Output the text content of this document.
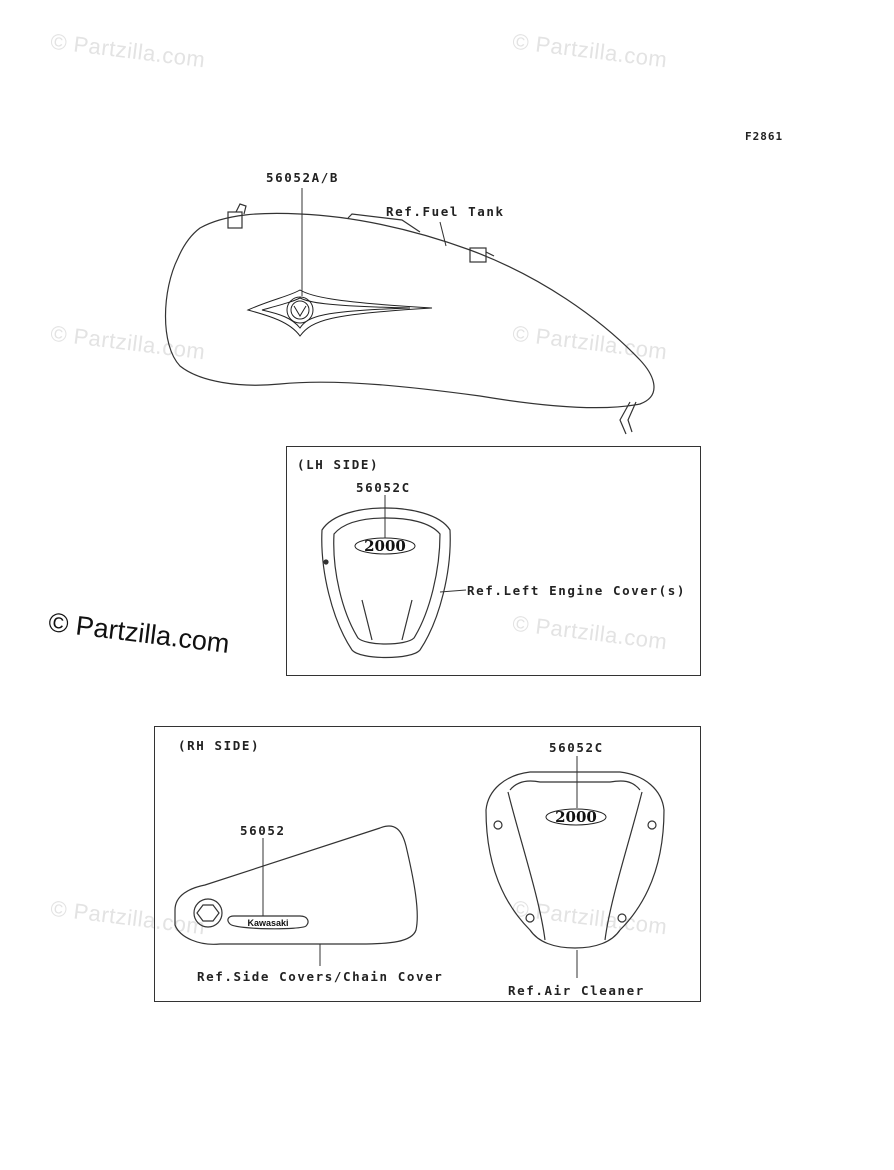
© Partzilla.com	© Partzilla.com
© Partzilla.com	© Partzilla.com
© Partzilla.com
© Partzilla.com	© Partzilla.com
© Partzilla.com
F2861
56052A/B
Ref.Fuel Tank
(LH SIDE)
56052C
Ref.Left Engine Cover(s)
(RH SIDE)
56052
Ref.Side Covers/Chain Cover
56052C
Ref.Air Cleaner
2000
Kawasaki
2000
